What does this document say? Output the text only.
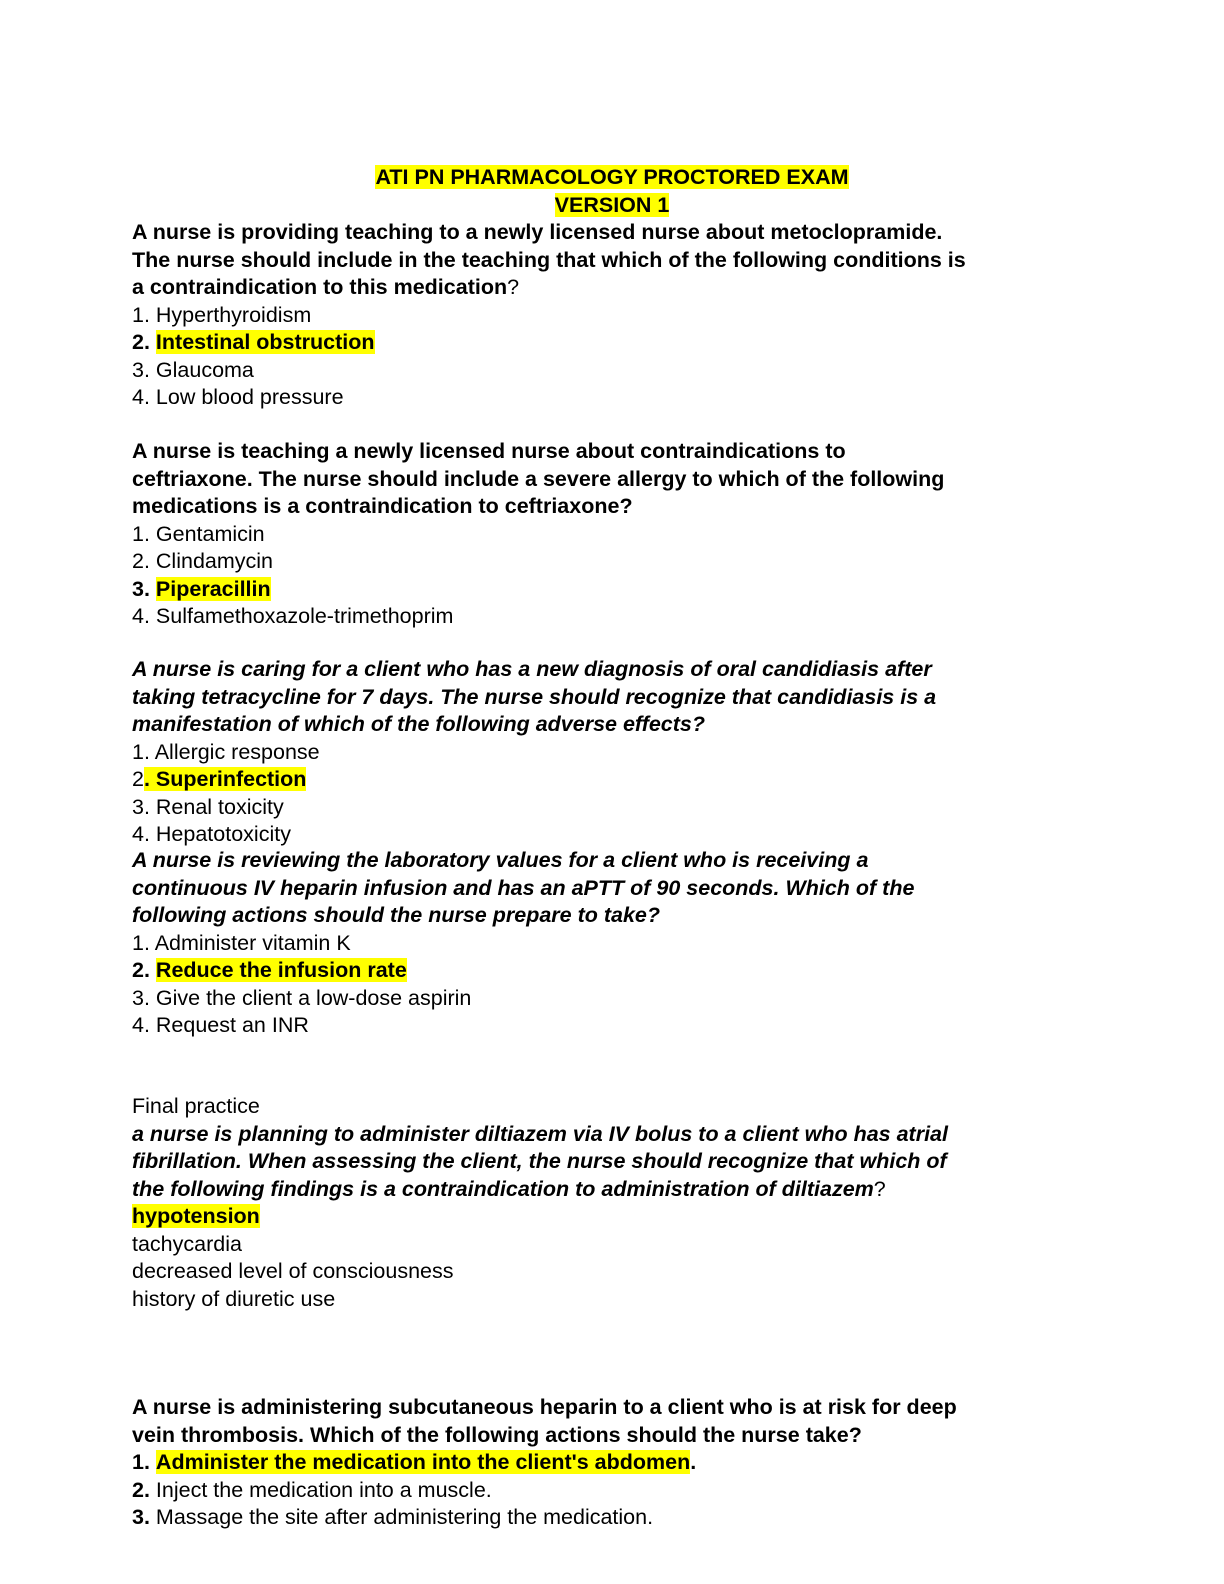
ATI PN PHARMACOLOGY PROCTORED EXAM
VERSION 1
A nurse is providing teaching to a newly licensed nurse about metoclopramide.
The nurse should include in the teaching that which of the following conditions is
a contraindication to this medication?
1. Hyperthyroidism
2. Intestinal obstruction
3. Glaucoma
4. Low blood pressure
A nurse is teaching a newly licensed nurse about contraindications to
ceftriaxone. The nurse should include a severe allergy to which of the following
medications is a contraindication to ceftriaxone?
1. Gentamicin
2. Clindamycin
3. Piperacillin
4. Sulfamethoxazole-trimethoprim
A nurse is caring for a client who has a new diagnosis of oral candidiasis after
taking tetracycline for 7 days. The nurse should recognize that candidiasis is a
manifestation of which of the following adverse effects?
1. Allergic response
2. Superinfection
3. Renal toxicity
4. Hepatotoxicity
A nurse is reviewing the laboratory values for a client who is receiving a
continuous IV heparin infusion and has an aPTT of 90 seconds. Which of the
following actions should the nurse prepare to take?
1. Administer vitamin K
2. Reduce the infusion rate
3. Give the client a low-dose aspirin
4. Request an INR
Final practice
a nurse is planning to administer diltiazem via IV bolus to a client who has atrial
fibrillation. When assessing the client, the nurse should recognize that which of
the following findings is a contraindication to administration of diltiazem?
hypotension
tachycardia
decreased level of consciousness
history of diuretic use
A nurse is administering subcutaneous heparin to a client who is at risk for deep
vein thrombosis. Which of the following actions should the nurse take?
1. Administer the medication into the client's abdomen.
2. Inject the medication into a muscle.
3. Massage the site after administering the medication.
